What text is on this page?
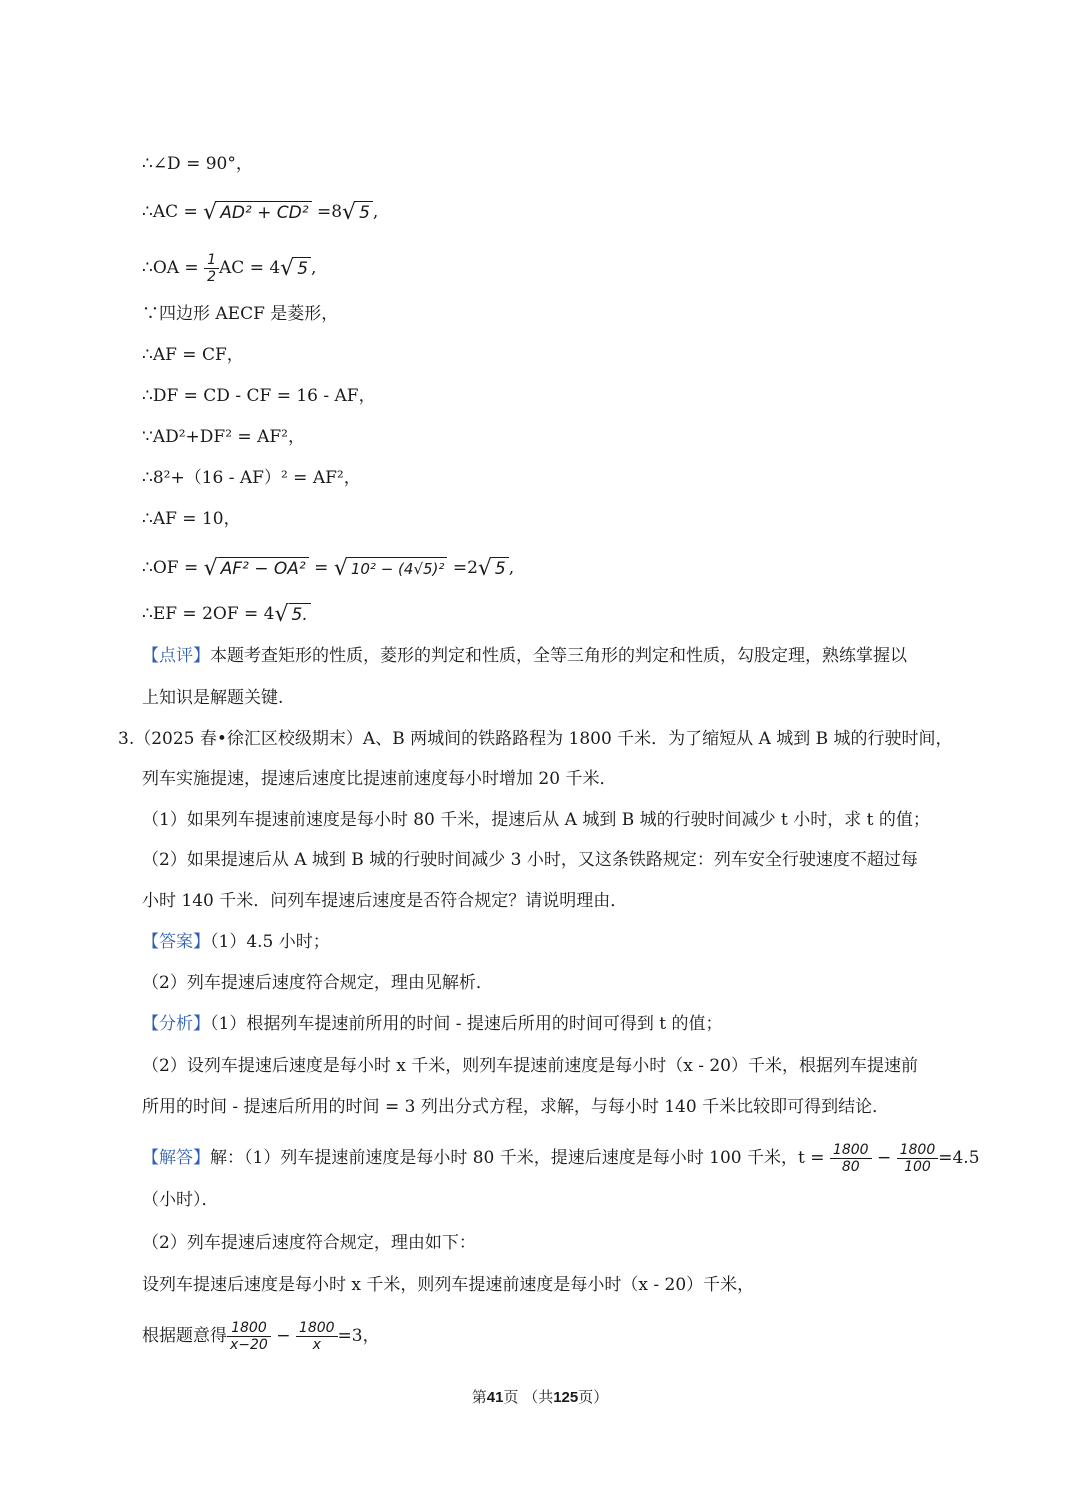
∴∠D = 90°，
∴AC = √ AD² + CD² =8√ 5 ,
∴OA = $\frac{1}{2}$ AC = 4√ 5 ,
∵四边形 AECF 是菱形，
∴AF = CF，
∴DF = CD - CF = 16 - AF，
∵AD²+DF² = AF²，
∴8²+（16 - AF）² = AF²，
∴AF = 10，
∴OF = √ AF² − OA² = √ 10² − (4√5)² =2√ 5 ,
∴EF = 2OF = 4√ 5.
【点评】本题考查矩形的性质，菱形的判定和性质，全等三角形的判定和性质，勾股定理，熟练掌握以
上知识是解题关键.
3.（2025 春•徐汇区校级期末）A、B 两城间的铁路路程为 1800 千米．为了缩短从 A 城到 B 城的行驶时间，
列车实施提速，提速后速度比提速前速度每小时增加 20 千米．
（1）如果列车提速前速度是每小时 80 千米，提速后从 A 城到 B 城的行驶时间减少 t 小时，求 t 的值；
（2）如果提速后从 A 城到 B 城的行驶时间减少 3 小时，又这条铁路规定：列车安全行驶速度不超过每
小时 140 千米．问列车提速后速度是否符合规定？请说明理由．
【答案】（1）4.5 小时；
（2）列车提速后速度符合规定，理由见解析．
【分析】（1）根据列车提速前所用的时间 - 提速后所用的时间可得到 t 的值；
（2）设列车提速后速度是每小时 x 千米，则列车提速前速度是每小时（x - 20）千米，根据列车提速前
所用的时间 - 提速后所用的时间 = 3 列出分式方程，求解，与每小时 140 千米比较即可得到结论．
【解答】解：（1）列车提速前速度是每小时 80 千米，提速后速度是每小时 100 千米，$t = \frac{1800}{80} - \frac{1800}{100} =4.5$
（小时）．
（2）列车提速后速度符合规定，理由如下：
设列车提速后速度是每小时 x 千米，则列车提速前速度是每小时（x - 20）千米，
根据题意得 $\frac{1800}{x-20} - \frac{1800}{x} =3$，
第41页 （共125页）
